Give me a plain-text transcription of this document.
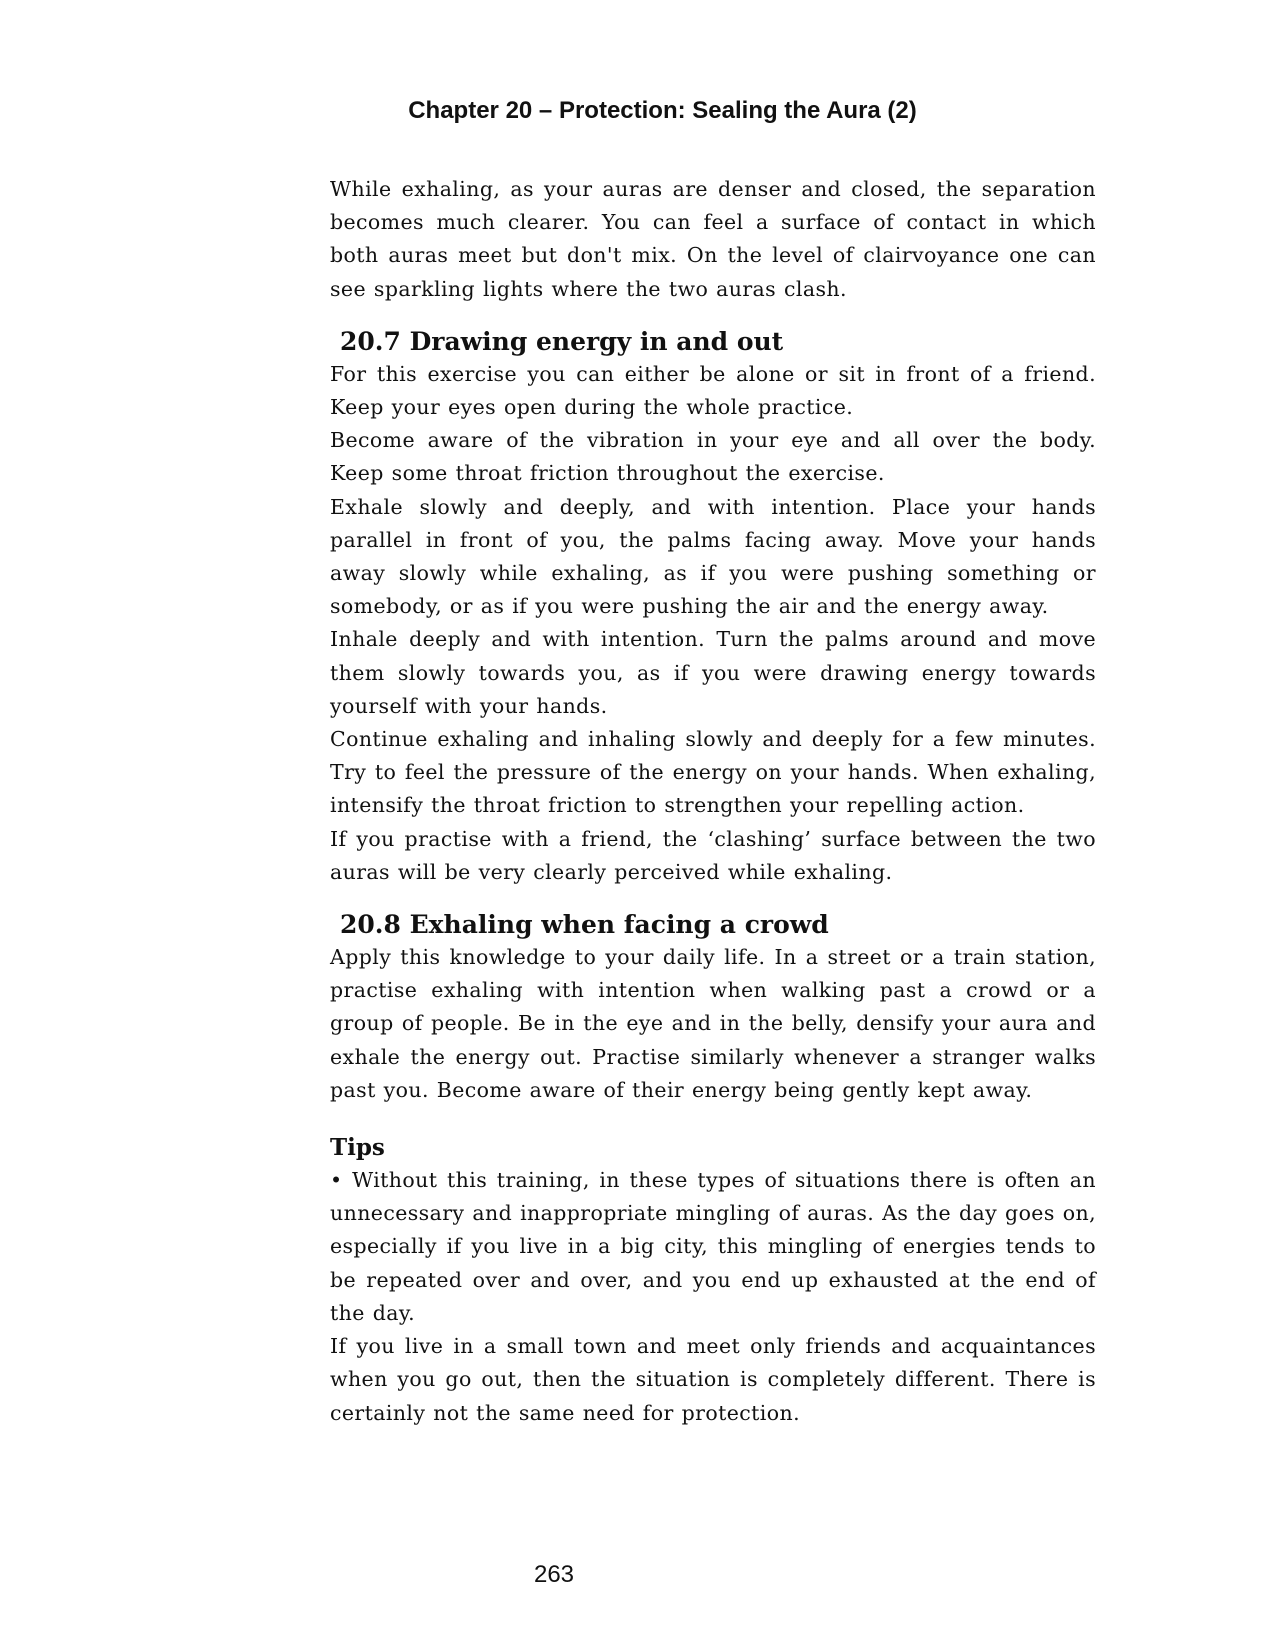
Chapter 20 – Protection: Sealing the Aura (2)

While exhaling, as your auras are denser and closed, the separation becomes much clearer. You can feel a surface of contact in which both auras meet but don't mix. On the level of clairvoyance one can see sparkling lights where the two auras clash.

20.7 Drawing energy in and out

For this exercise you can either be alone or sit in front of a friend. Keep your eyes open during the whole practice.

Become aware of the vibration in your eye and all over the body. Keep some throat friction throughout the exercise.

Exhale slowly and deeply, and with intention. Place your hands parallel in front of you, the palms facing away. Move your hands away slowly while exhaling, as if you were pushing something or somebody, or as if you were pushing the air and the energy away.

Inhale deeply and with intention. Turn the palms around and move them slowly towards you, as if you were drawing energy towards yourself with your hands.

Continue exhaling and inhaling slowly and deeply for a few minutes. Try to feel the pressure of the energy on your hands. When exhaling, intensify the throat friction to strengthen your repelling action.

If you practise with a friend, the ‘clashing’ surface between the two auras will be very clearly perceived while exhaling.

20.8 Exhaling when facing a crowd

Apply this knowledge to your daily life. In a street or a train station, practise exhaling with intention when walking past a crowd or a group of people. Be in the eye and in the belly, densify your aura and exhale the energy out. Practise similarly whenever a stranger walks past you. Become aware of their energy being gently kept away.

Tips

• Without this training, in these types of situations there is often an unnecessary and inappropriate mingling of auras. As the day goes on, especially if you live in a big city, this mingling of energies tends to be repeated over and over, and you end up exhausted at the end of the day.

If you live in a small town and meet only friends and acquaintances when you go out, then the situation is completely different. There is certainly not the same need for protection.

263
